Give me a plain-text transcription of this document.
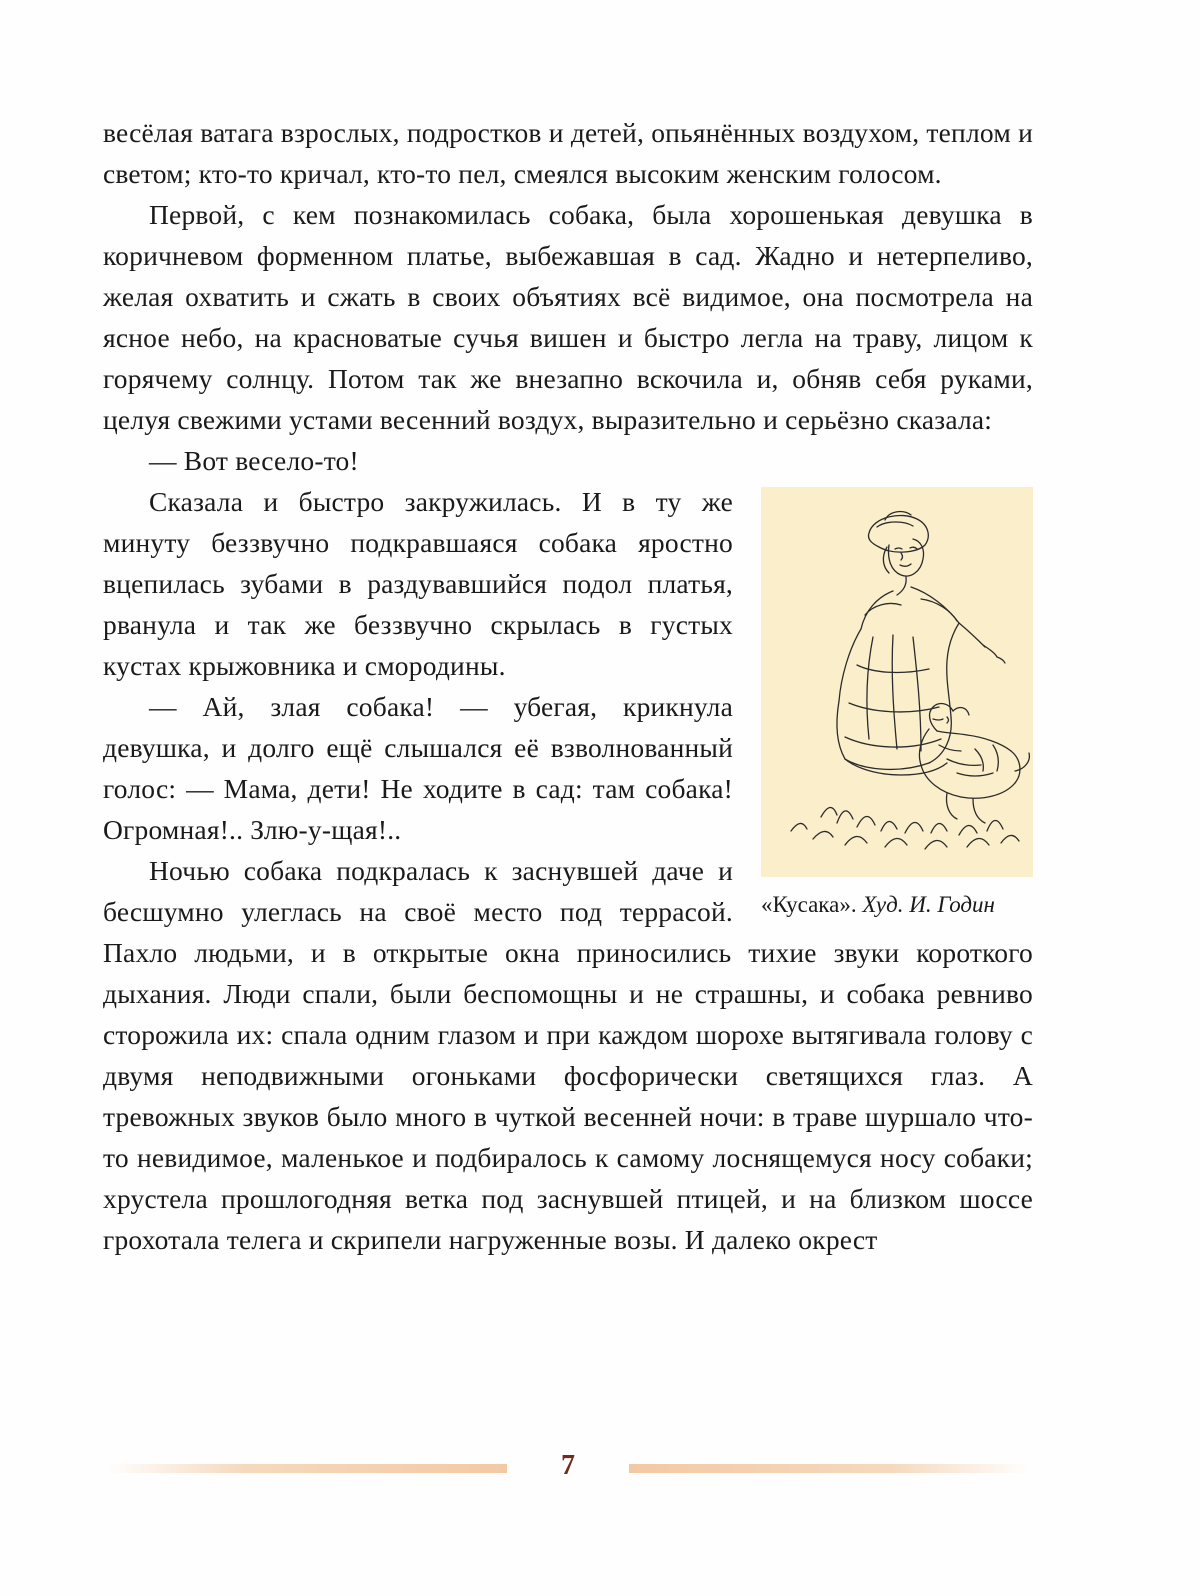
весёлая ватага взрослых, подростков и детей, опьянённых воздухом, теплом и светом; кто-то кричал, кто-то пел, смеялся высоким женским голосом.

Первой, с кем познакомилась собака, была хорошенькая девушка в коричневом форменном платье, выбежавшая в сад. Жадно и нетерпеливо, желая охватить и сжать в своих объятиях всё видимое, она посмотрела на ясное небо, на красноватые сучья вишен и быстро легла на траву, лицом к горячему солнцу. Потом так же внезапно вскочила и, обняв себя руками, целуя свежими устами весенний воздух, выразительно и серьёзно сказала:

— Вот весело-то!

«Кусака». Худ. И. Годин

Сказала и быстро закружилась. И в ту же минуту беззвучно подкравшаяся собака яростно вцепилась зубами в раздувавшийся подол платья, рванула и так же беззвучно скрылась в густых кустах крыжовника и смородины.

— Ай, злая собака! — убегая, крикнула девушка, и долго ещё слышался её взволнованный голос: — Мама, дети! Не ходите в сад: там собака! Огромная!.. Злю-у-щая!..

Ночью собака подкралась к заснувшей даче и бесшумно улеглась на своё место под террасой. Пахло людьми, и в открытые окна приносились тихие звуки короткого дыхания. Люди спали, были беспомощны и не страшны, и собака ревниво сторожила их: спала одним глазом и при каждом шорохе вытягивала голову с двумя неподвижными огоньками фосфорически светящихся глаз. А тревожных звуков было много в чуткой весенней ночи: в траве шуршало что-то невидимое, маленькое и подбиралось к самому лоснящемуся носу собаки; хрустела прошлогодняя ветка под заснувшей птицей, и на близком шоссе грохотала телега и скрипели нагруженные возы. И далеко окрест

7
